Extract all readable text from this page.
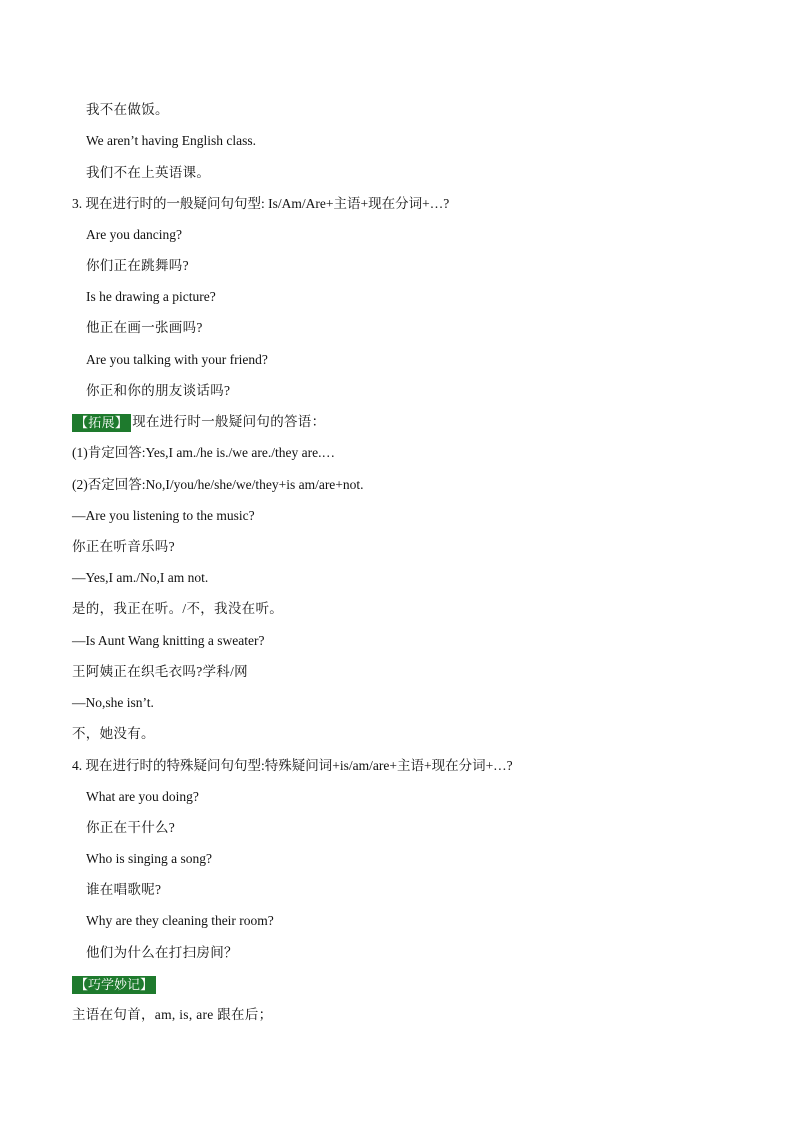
我不在做饭。
We aren’t having English class.
我们不在上英语课。
3. 现在进行时的一般疑问句句型: Is/Am/Are+主语+现在分词+…?
Are you dancing?
你们正在跳舞吗?
Is he drawing a picture?
他正在画一张画吗?
Are you talking with your friend?
你正和你的朋友谈话吗?
【拓展】 现在进行时一般疑问句的答语：
(1)肯定回答:Yes,I am./he is./we are./they are.…
(2)否定回答:No,I/you/he/she/we/they+is am/are+not.
—Are you listening to the music?
你正在听音乐吗?
—Yes,I am./No,I am not.
是的，我正在听。/不，我没在听。
—Is Aunt Wang knitting a sweater?
王阿姨正在织毛衣吗?学科/网
—No,she isn’t.
不，她没有。
4. 现在进行时的特殊疑问句句型:特殊疑问词+is/am/are+主语+现在分词+…?
What are you doing?
你正在干什么?
Who is singing a song?
谁在唱歌呢?
Why are they cleaning their room?
他们为什么在打扫房间？
【巧学妙记】
主语在句首，am, is, are 跟在后；
